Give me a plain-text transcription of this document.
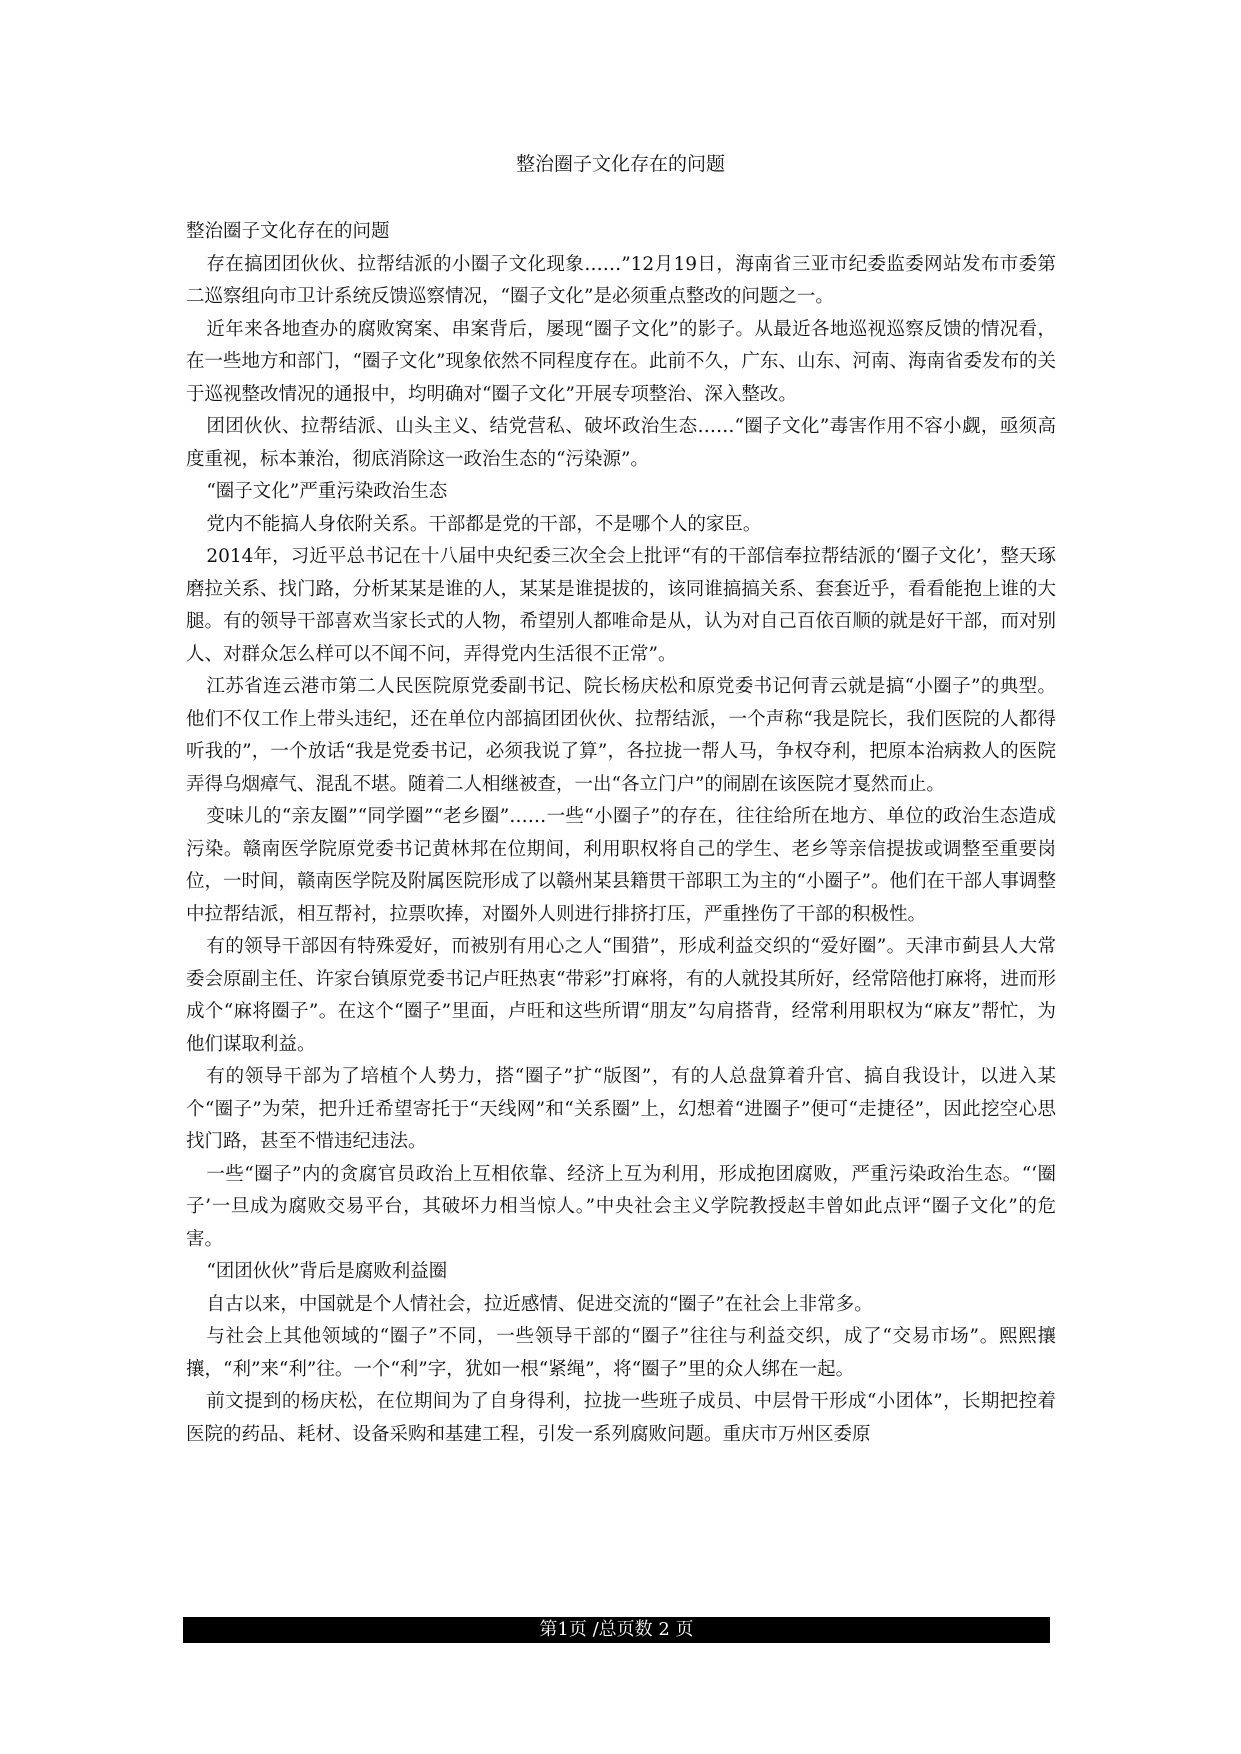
整治圈子文化存在的问题

整治圈子文化存在的问题

存在搞团团伙伙、拉帮结派的小圈子文化现象……”12月19日，海南省三亚市纪委监委网站发布市委第二巡察组向市卫计系统反馈巡察情况，“圈子文化”是必须重点整改的问题之一。

近年来各地查办的腐败窝案、串案背后，屡现“圈子文化”的影子。从最近各地巡视巡察反馈的情况看，在一些地方和部门，“圈子文化”现象依然不同程度存在。此前不久，广东、山东、河南、海南省委发布的关于巡视整改情况的通报中，均明确对“圈子文化”开展专项整治、深入整改。

团团伙伙、拉帮结派、山头主义、结党营私、破坏政治生态……“圈子文化”毒害作用不容小觑，亟须高度重视，标本兼治，彻底消除这一政治生态的“污染源”。

“圈子文化”严重污染政治生态

党内不能搞人身依附关系。干部都是党的干部，不是哪个人的家臣。

2014年，习近平总书记在十八届中央纪委三次全会上批评“有的干部信奉拉帮结派的‘圈子文化’，整天琢磨拉关系、找门路，分析某某是谁的人，某某是谁提拔的，该同谁搞搞关系、套套近乎，看看能抱上谁的大腿。有的领导干部喜欢当家长式的人物，希望别人都唯命是从，认为对自己百依百顺的就是好干部，而对别人、对群众怎么样可以不闻不问，弄得党内生活很不正常”。

江苏省连云港市第二人民医院原党委副书记、院长杨庆松和原党委书记何青云就是搞“小圈子”的典型。他们不仅工作上带头违纪，还在单位内部搞团团伙伙、拉帮结派，一个声称“我是院长，我们医院的人都得听我的”，一个放话“我是党委书记，必须我说了算”，各拉拢一帮人马，争权夺利，把原本治病救人的医院弄得乌烟瘴气、混乱不堪。随着二人相继被查，一出“各立门户”的闹剧在该医院才戛然而止。

变味儿的“亲友圈”“同学圈”“老乡圈”……一些“小圈子”的存在，往往给所在地方、单位的政治生态造成污染。赣南医学院原党委书记黄林邦在位期间，利用职权将自己的学生、老乡等亲信提拔或调整至重要岗位，一时间，赣南医学院及附属医院形成了以赣州某县籍贯干部职工为主的“小圈子”。他们在干部人事调整中拉帮结派，相互帮衬，拉票吹捧，对圈外人则进行排挤打压，严重挫伤了干部的积极性。

有的领导干部因有特殊爱好，而被别有用心之人“围猎”，形成利益交织的“爱好圈”。天津市蓟县人大常委会原副主任、许家台镇原党委书记卢旺热衷“带彩”打麻将，有的人就投其所好，经常陪他打麻将，进而形成个“麻将圈子”。在这个“圈子”里面，卢旺和这些所谓“朋友”勾肩搭背，经常利用职权为“麻友”帮忙，为他们谋取利益。

有的领导干部为了培植个人势力，搭“圈子”扩“版图”，有的人总盘算着升官、搞自我设计，以进入某个“圈子”为荣，把升迁希望寄托于“天线网”和“关系圈”上，幻想着“进圈子”便可“走捷径”，因此挖空心思找门路，甚至不惜违纪违法。

一些“圈子”内的贪腐官员政治上互相依靠、经济上互为利用，形成抱团腐败，严重污染政治生态。“‘圈子’一旦成为腐败交易平台，其破坏力相当惊人。”中央社会主义学院教授赵丰曾如此点评“圈子文化”的危害。

“团团伙伙”背后是腐败利益圈

自古以来，中国就是个人情社会，拉近感情、促进交流的“圈子”在社会上非常多。

与社会上其他领域的“圈子”不同，一些领导干部的“圈子”往往与利益交织，成了“交易市场”。熙熙攘攘，“利”来“利”往。一个“利”字，犹如一根“紧绳”，将“圈子”里的众人绑在一起。

前文提到的杨庆松，在位期间为了自身得利，拉拢一些班子成员、中层骨干形成“小团体”，长期把控着医院的药品、耗材、设备采购和基建工程，引发一系列腐败问题。重庆市万州区委原

第1页 /总页数 2 页
